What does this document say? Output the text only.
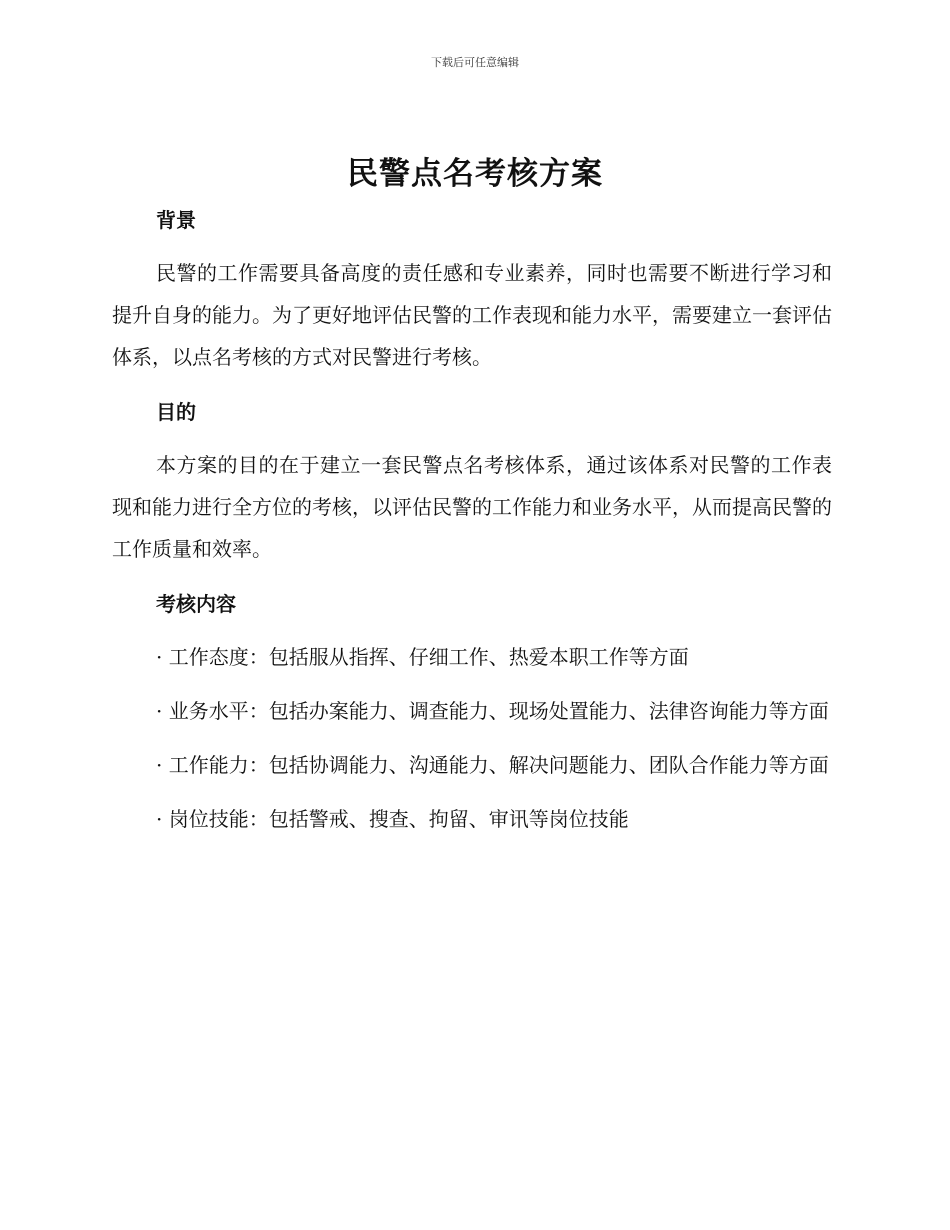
下载后可任意编辑
民警点名考核方案

背景

民警的工作需要具备高度的责任感和专业素养，同时也需要不断进行学习和提升自身的能力。为了更好地评估民警的工作表现和能力水平，需要建立一套评估体系，以点名考核的方式对民警进行考核。

目的

本方案的目的在于建立一套民警点名考核体系，通过该体系对民警的工作表现和能力进行全方位的考核，以评估民警的工作能力和业务水平，从而提高民警的工作质量和效率。

考核内容

· 工作态度：包括服从指挥、仔细工作、热爱本职工作等方面

· 业务水平：包括办案能力、调查能力、现场处置能力、法律咨询能力等方面

· 工作能力：包括协调能力、沟通能力、解决问题能力、团队合作能力等方面

· 岗位技能：包括警戒、搜查、拘留、审讯等岗位技能
